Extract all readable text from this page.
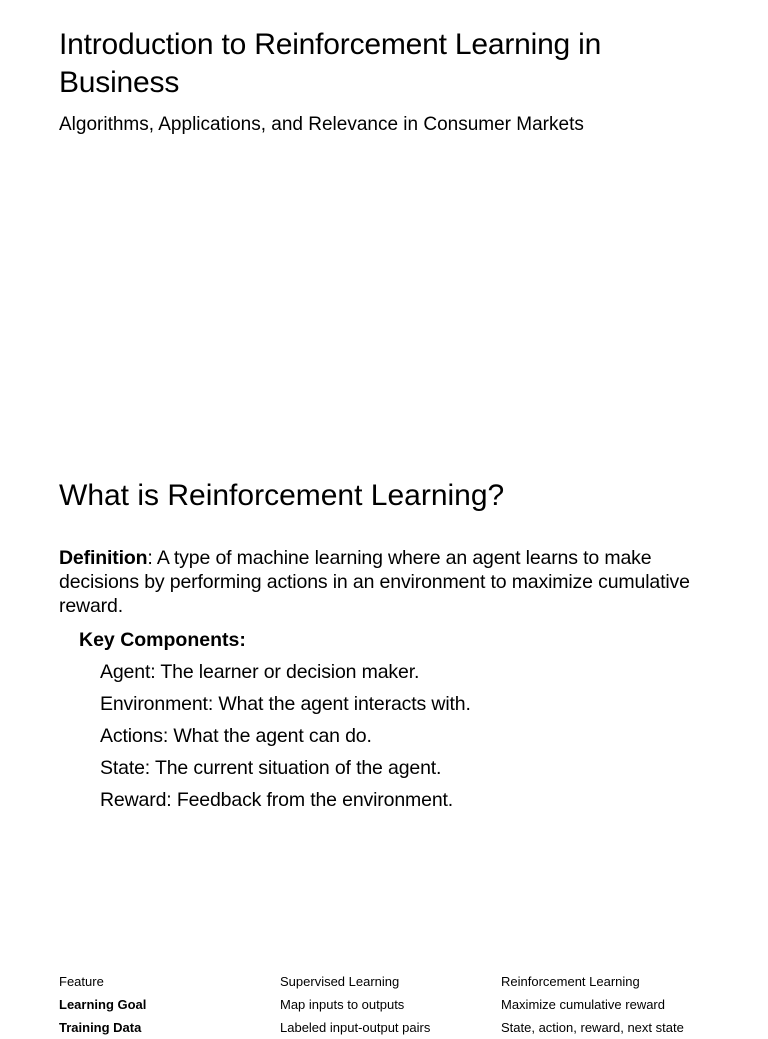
Introduction to Reinforcement Learning in Business
Algorithms, Applications, and Relevance in Consumer Markets
What is Reinforcement Learning?
Definition: A type of machine learning where an agent learns to make decisions by performing actions in an environment to maximize cumulative reward.
Key Components:
Agent: The learner or decision maker.
Environment: What the agent interacts with.
Actions: What the agent can do.
State: The current situation of the agent.
Reward: Feedback from the environment.
Feature	Supervised Learning	Reinforcement Learning
Learning Goal	Map inputs to outputs	Maximize cumulative reward
Training Data	Labeled input-output pairs	State, action, reward, next state
